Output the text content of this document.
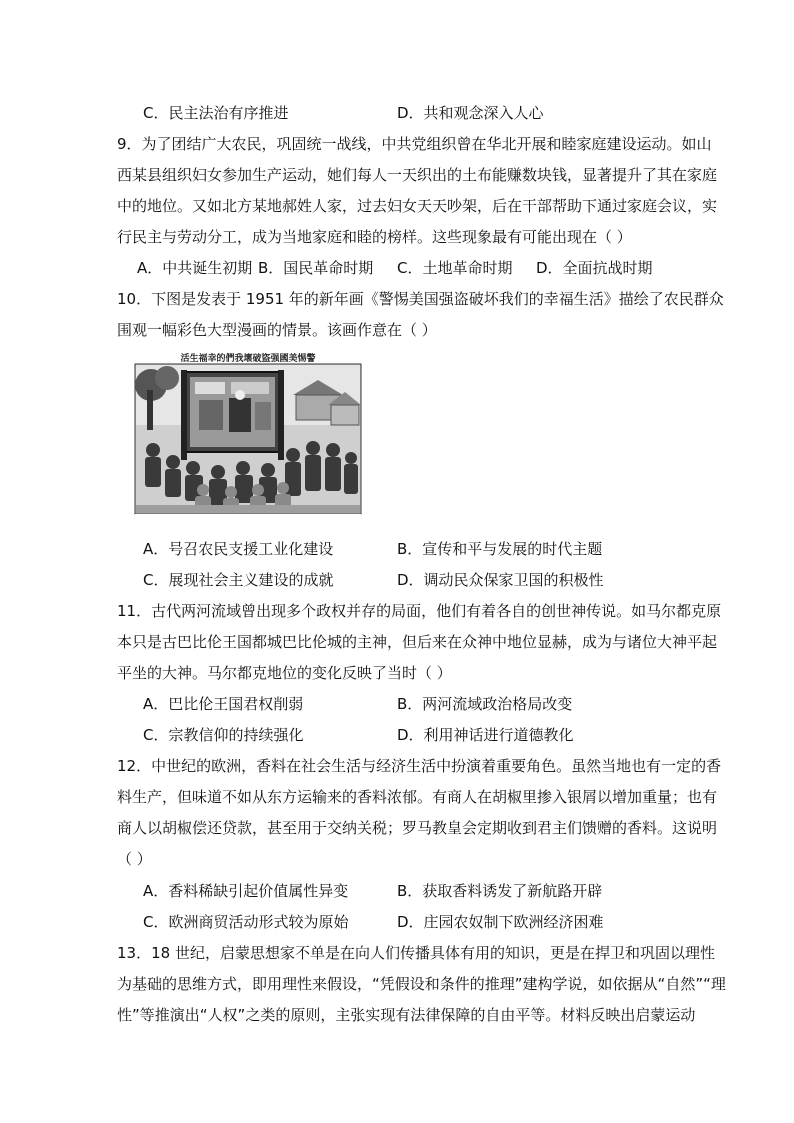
C．民主法治有序推进	D．共和观念深入人心
9．为了团结广大农民，巩固统一战线，中共党组织曾在华北开展和睦家庭建设运动。如山
西某县组织妇女参加生产运动，她们每人一天织出的土布能赚数块钱，显著提升了其在家庭
中的地位。又如北方某地郝姓人家，过去妇女天天吵架，后在干部帮助下通过家庭会议，实
行民主与劳动分工，成为当地家庭和睦的榜样。这些现象最有可能出现在（ ）
A．中共诞生初期 B．国民革命时期 C．土地革命时期 D．全面抗战时期
10．下图是发表于 1951 年的新年画《警惕美国强盗破坏我们的幸福生活》描绘了农民群众
围观一幅彩色大型漫画的情景。该画作意在（ ）
活生福幸的們我壞破盜强國美惕警
A．号召农民支援工业化建设	B．宣传和平与发展的时代主题
C．展现社会主义建设的成就	D．调动民众保家卫国的积极性
11．古代两河流域曾出现多个政权并存的局面，他们有着各自的创世神传说。如马尔都克原
本只是古巴比伦王国都城巴比伦城的主神，但后来在众神中地位显赫，成为与诸位大神平起
平坐的大神。马尔都克地位的变化反映了当时（ ）
A．巴比伦王国君权削弱	B．两河流域政治格局改变
C．宗教信仰的持续强化	D．利用神话进行道德教化
12．中世纪的欧洲，香料在社会生活与经济生活中扮演着重要角色。虽然当地也有一定的香
料生产，但味道不如从东方运输来的香料浓郁。有商人在胡椒里掺入银屑以增加重量；也有
商人以胡椒偿还贷款，甚至用于交纳关税；罗马教皇会定期收到君主们馈赠的香料。这说明
（ ）
A．香料稀缺引起价值属性异变	B．获取香料诱发了新航路开辟
C．欧洲商贸活动形式较为原始	D．庄园农奴制下欧洲经济困难
13．18 世纪，启蒙思想家不单是在向人们传播具体有用的知识，更是在捍卫和巩固以理性
为基础的思维方式，即用理性来假设，“凭假设和条件的推理”建构学说，如依据从“自然”“理
性”等推演出“人权”之类的原则，主张实现有法律保障的自由平等。材料反映出启蒙运动
